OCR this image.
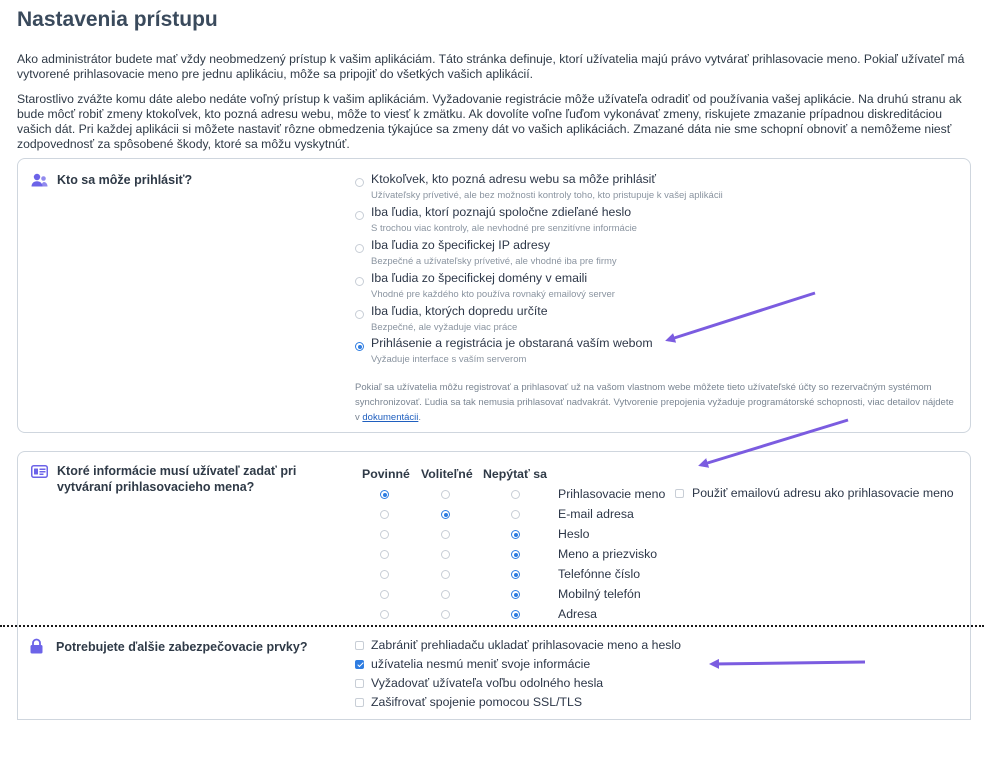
Nastavenia prístupu

Ako administrátor budete mať vždy neobmedzený prístup k vašim aplikáciám. Táto stránka definuje, ktorí užívatelia majú právo vytvárať prihlasovacie meno. Pokiaľ užívateľ má vytvorené prihlasovacie meno pre jednu aplikáciu, môže sa pripojiť do všetkých vašich aplikácií.

Starostlivo zvážte komu dáte alebo nedáte voľný prístup k vašim aplikáciám. Vyžadovanie registrácie môže užívateľa odradiť od používania vašej aplikácie. Na druhú stranu ak bude môcť robiť zmeny ktokoľvek, kto pozná adresu webu, môže to viesť k zmätku. Ak dovolíte voľne ľuďom vykonávať zmeny, riskujete zmazanie prípadnou diskreditáciou vašich dát. Pri každej aplikácii si môžete nastaviť rôzne obmedzenia týkajúce sa zmeny dát vo vašich aplikáciách. Zmazané dáta nie sme schopní obnoviť a nemôžeme niesť zodpovednosť za spôsobené škody, ktoré sa môžu vyskytnúť.

Kto sa môže prihlásiť?	Ktokoľvek, kto pozná adresu webu sa môže prihlásiť
Užívateľsky prívetivé, ale bez možnosti kontroly toho, kto pristupuje k vašej aplikácii
Iba ľudia, ktorí poznajú spoločne zdieľané heslo
S trochou viac kontroly, ale nevhodné pre senzitívne informácie
Iba ľudia zo špecifickej IP adresy
Bezpečné a užívateľsky prívetivé, ale vhodné iba pre firmy
Iba ľudia zo špecifickej domény v emaili
Vhodné pre každého kto používa rovnaký emailový server
Iba ľudia, ktorých dopredu určíte
Bezpečné, ale vyžaduje viac práce
Prihlásenie a registrácia je obstaraná vaším webom
Vyžaduje interface s vaším serverom

Pokiaľ sa užívatelia môžu registrovať a prihlasovať už na vašom vlastnom webe môžete tieto užívateľské účty so rezervačným systémom synchronizovať. Ľudia sa tak nemusia prihlasovať nadvakrát. Vytvorenie prepojenia vyžaduje programátorské schopnosti, viac detailov nájdete v dokumentácii.

Ktoré informácie musí užívateľ zadať pri vytváraní prihlasovacieho mena?
Povinné Voliteľné Nepýtať sa
Prihlasovacie meno
E-mail adresa
Heslo
Meno a priezvisko
Telefónne číslo
Mobilný telefón
Adresa
Použiť emailovú adresu ako prihlasovacie meno
Potrebujete ďalšie zabezpečovacie prvky?	Zabrániť prehliadaču ukladať prihlasovacie meno a heslo
užívatelia nesmú meniť svoje informácie
Vyžadovať užívateľa voľbu odolného hesla
Zašifrovať spojenie pomocou SSL/TLS
